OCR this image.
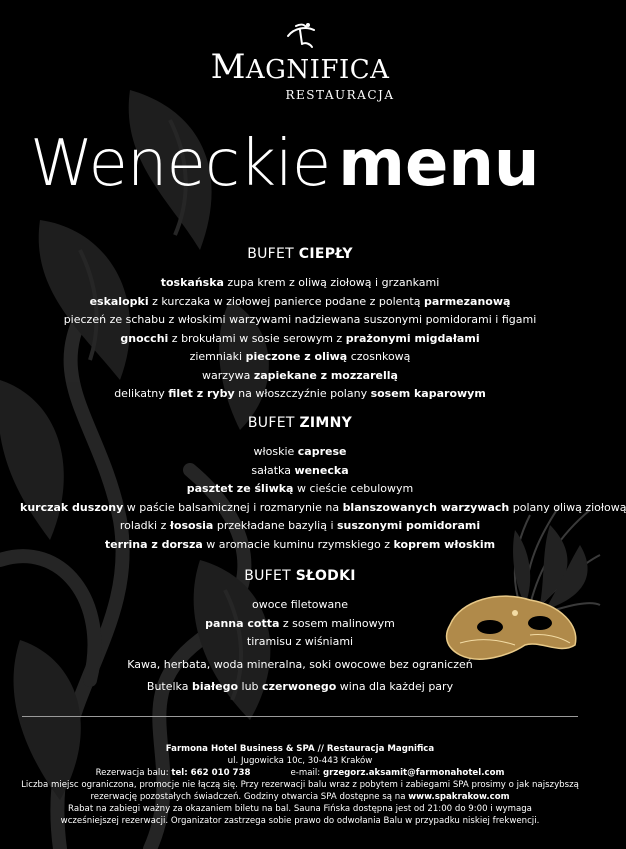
MAGNIFICA
RESTAURACJA
Weneckie menu
BUFET CIEPŁY
toskańska zupa krem z oliwą ziołową i grzankami
eskalopki z kurczaka w ziołowej panierce podane z polentą parmezanową
pieczeń ze schabu z włoskimi warzywami nadziewana suszonymi pomidorami i figami
gnocchi z brokułami w sosie serowym z prażonymi migdałami
ziemniaki pieczone z oliwą czosnkową
warzywa zapiekane z mozzarellą
delikatny filet z ryby na włoszczyźnie polany sosem kaparowym
BUFET ZIMNY
włoskie caprese
sałatka wenecka
pasztet ze śliwką w cieście cebulowym
kurczak duszony w paście balsamicznej i rozmarynie na blanszowanych warzywach polany oliwą ziołową
roladki z łososia przekładane bazylią i suszonymi pomidorami
terrina z dorsza w aromacie kuminu rzymskiego z koprem włoskim
BUFET SŁODKI
owoce filetowane
panna cotta z sosem malinowym
tiramisu z wiśniami
Kawa, herbata, woda mineralna, soki owocowe bez ograniczeń
Butelka białego lub czerwonego wina dla każdej pary
Farmona Hotel Business & SPA // Restauracja Magnifica
ul. Jugowicka 10c, 30-443 Kraków
Rezerwacja balu: tel: 662 010 738	e-mail: grzegorz.aksamit@farmonahotel.com
Liczba miejsc ograniczona, promocje nie łączą się. Przy rezerwacji balu wraz z pobytem i zabiegami SPA prosimy o jak najszybszą
rezerwację pozostałych świadczeń. Godziny otwarcia SPA dostępne są na www.spakrakow.com
Rabat na zabiegi ważny za okazaniem biletu na bal. Sauna Fińska dostępna jest od 21:00 do 9:00 i wymaga
wcześniejszej rezerwacji. Organizator zastrzega sobie prawo do odwołania Balu w przypadku niskiej frekwencji.
